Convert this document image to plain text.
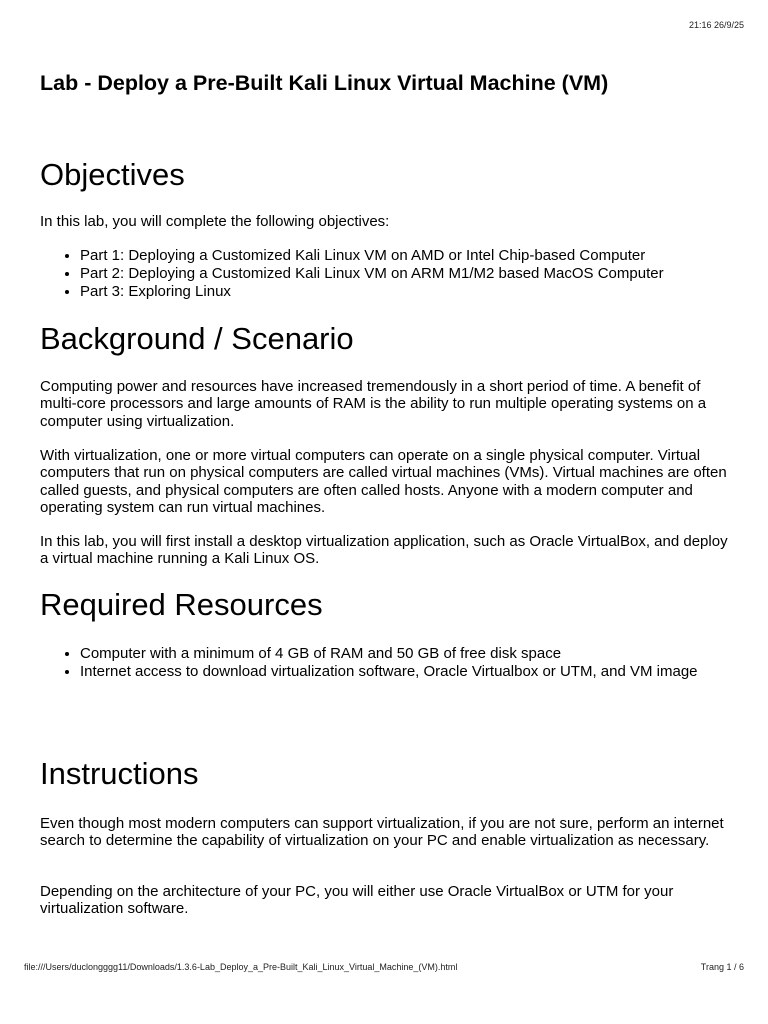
21:16 26/9/25
Lab - Deploy a Pre-Built Kali Linux Virtual Machine (VM)
Objectives

In this lab, you will complete the following objectives:

• Part 1: Deploying a Customized Kali Linux VM on AMD or Intel Chip-based Computer
• Part 2: Deploying a Customized Kali Linux VM on ARM M1/M2 based MacOS Computer
• Part 3: Exploring Linux
Background / Scenario

Computing power and resources have increased tremendously in a short period of time. A benefit of multi-core processors and large amounts of RAM is the ability to run multiple operating systems on a computer using virtualization.

With virtualization, one or more virtual computers can operate on a single physical computer. Virtual computers that run on physical computers are called virtual machines (VMs). Virtual machines are often called guests, and physical computers are often called hosts. Anyone with a modern computer and operating system can run virtual machines.

In this lab, you will first install a desktop virtualization application, such as Oracle VirtualBox, and deploy a virtual machine running a Kali Linux OS.

Required Resources
• Computer with a minimum of 4 GB of RAM and 50 GB of free disk space
• Internet access to download virtualization software, Oracle Virtualbox or UTM, and VM image
Instructions

Even though most modern computers can support virtualization, if you are not sure, perform an internet search to determine the capability of virtualization on your PC and enable virtualization as necessary.

Depending on the architecture of your PC, you will either use Oracle VirtualBox or UTM for your virtualization software.

file:///Users/duclongggg11/Downloads/1.3.6-Lab_Deploy_a_Pre-Built_Kali_Linux_Virtual_Machine_(VM).html	Trang 1 / 6
